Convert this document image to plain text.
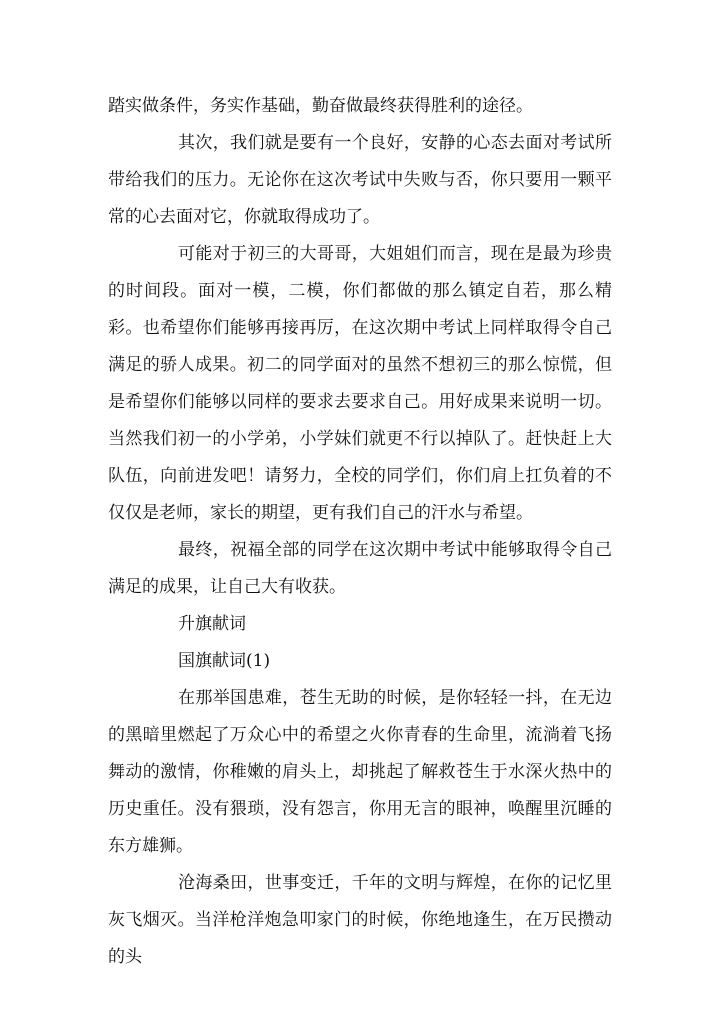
踏实做条件，务实作基础，勤奋做最终获得胜利的途径。

其次，我们就是要有一个良好，安静的心态去面对考试所带给我们的压力。无论你在这次考试中失败与否，你只要用一颗平常的心去面对它，你就取得成功了。

可能对于初三的大哥哥，大姐姐们而言，现在是最为珍贵的时间段。面对一模，二模，你们都做的那么镇定自若，那么精彩。也希望你们能够再接再厉，在这次期中考试上同样取得令自己满足的骄人成果。初二的同学面对的虽然不想初三的那么惊慌，但是希望你们能够以同样的要求去要求自己。用好成果来说明一切。当然我们初一的小学弟，小学妹们就更不行以掉队了。赶快赶上大队伍，向前进发吧！请努力，全校的同学们，你们肩上扛负着的不仅仅是老师，家长的期望，更有我们自己的汗水与希望。

最终，祝福全部的同学在这次期中考试中能够取得令自己满足的成果，让自己大有收获。

升旗献词

国旗献词(1)

在那举国患难，苍生无助的时候，是你轻轻一抖，在无边的黑暗里燃起了万众心中的希望之火你青春的生命里，流淌着飞扬舞动的激情，你稚嫩的肩头上，却挑起了解救苍生于水深火热中的历史重任。没有猥琐，没有怨言，你用无言的眼神，唤醒里沉睡的东方雄狮。

沧海桑田，世事变迁，千年的文明与辉煌，在你的记忆里灰飞烟灭。当洋枪洋炮急叩家门的时候，你绝地逢生，在万民攒动的头
